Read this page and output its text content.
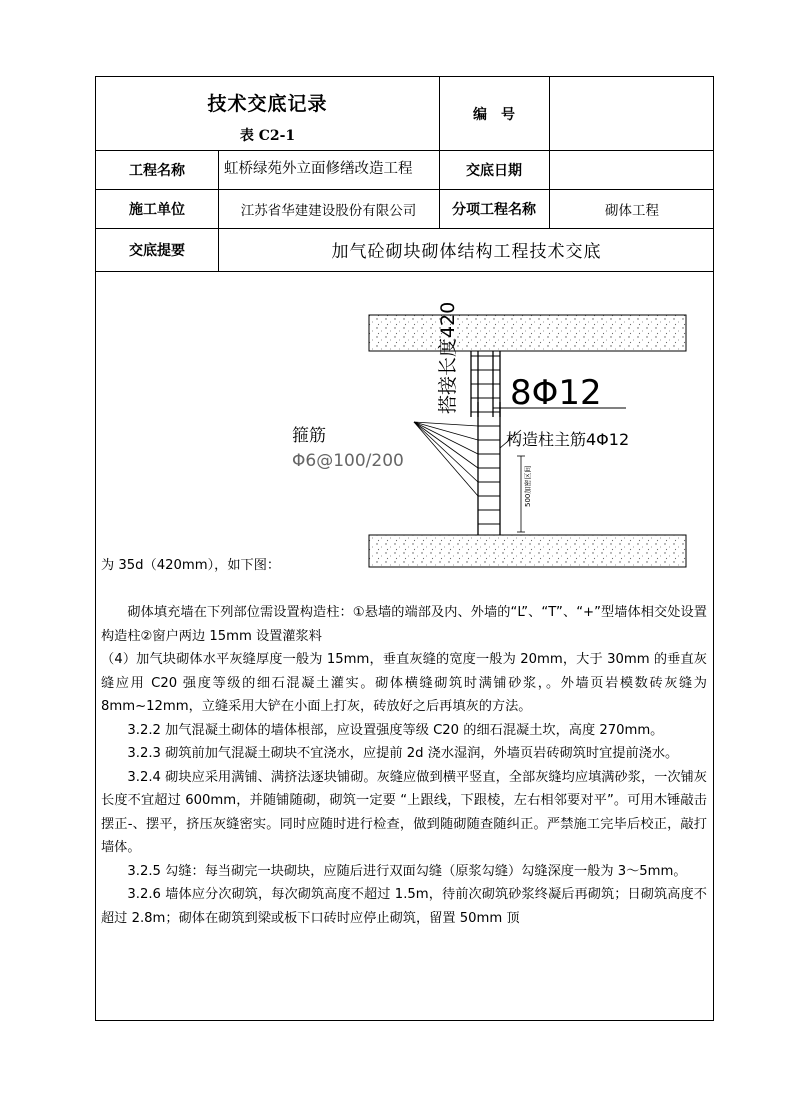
技术交底记录
表 C2-1
编　号
工程名称	虹桥绿苑外立面修缮改造工程	交底日期
施工单位	江苏省华建建设股份有限公司	分项工程名称	砌体工程
交底提要	加气砼砌块砌体结构工程技术交底
搭接长度420 8Φ12
箍筋
Φ6@100/200
构造柱主筋4Φ12
500加密区间

为 35d（420mm），如下图：

砌体填充墙在下列部位需设置构造柱：①悬墙的端部及内、外墙的“L”、“T”、“+”型墙体相交处设置构造柱②窗户两边 15mm 设置灌浆料

（4）加气块砌体水平灰缝厚度一般为 15mm，垂直灰缝的宽度一般为 20mm，大于 30mm 的垂直灰缝应用 C20 强度等级的细石混凝土灌实。砌体横缝砌筑时满铺砂浆，。外墙页岩模数砖灰缝为 8mm~12mm，立缝采用大铲在小面上打灰，砖放好之后再填灰的方法。

3.2.2 加气混凝土砌体的墙体根部，应设置强度等级 C20 的细石混凝土坎，高度 270mm。

3.2.3 砌筑前加气混凝土砌块不宜浇水，应提前 2d 浇水湿润，外墙页岩砖砌筑时宜提前浇水。

3.2.4 砌块应采用满铺、满挤法逐块铺砌。灰缝应做到横平竖直，全部灰缝均应填满砂浆，一次铺灰长度不宜超过 600mm，并随铺随砌，砌筑一定要 “上跟线，下跟棱，左右相邻要对平”。可用木锤敲击摆正-、摆平，挤压灰缝密实。同时应随时进行检查，做到随砌随查随纠正。严禁施工完毕后校正，敲打墙体。

3.2.5 勾缝：每当砌完一块砌块，应随后进行双面勾缝（原浆勾缝）勾缝深度一般为 3～5mm。

3.2.6 墙体应分次砌筑，每次砌筑高度不超过 1.5m，待前次砌筑砂浆终凝后再砌筑；日砌筑高度不超过 2.8m；砌体在砌筑到梁或板下口砖时应停止砌筑，留置 50mm 顶
